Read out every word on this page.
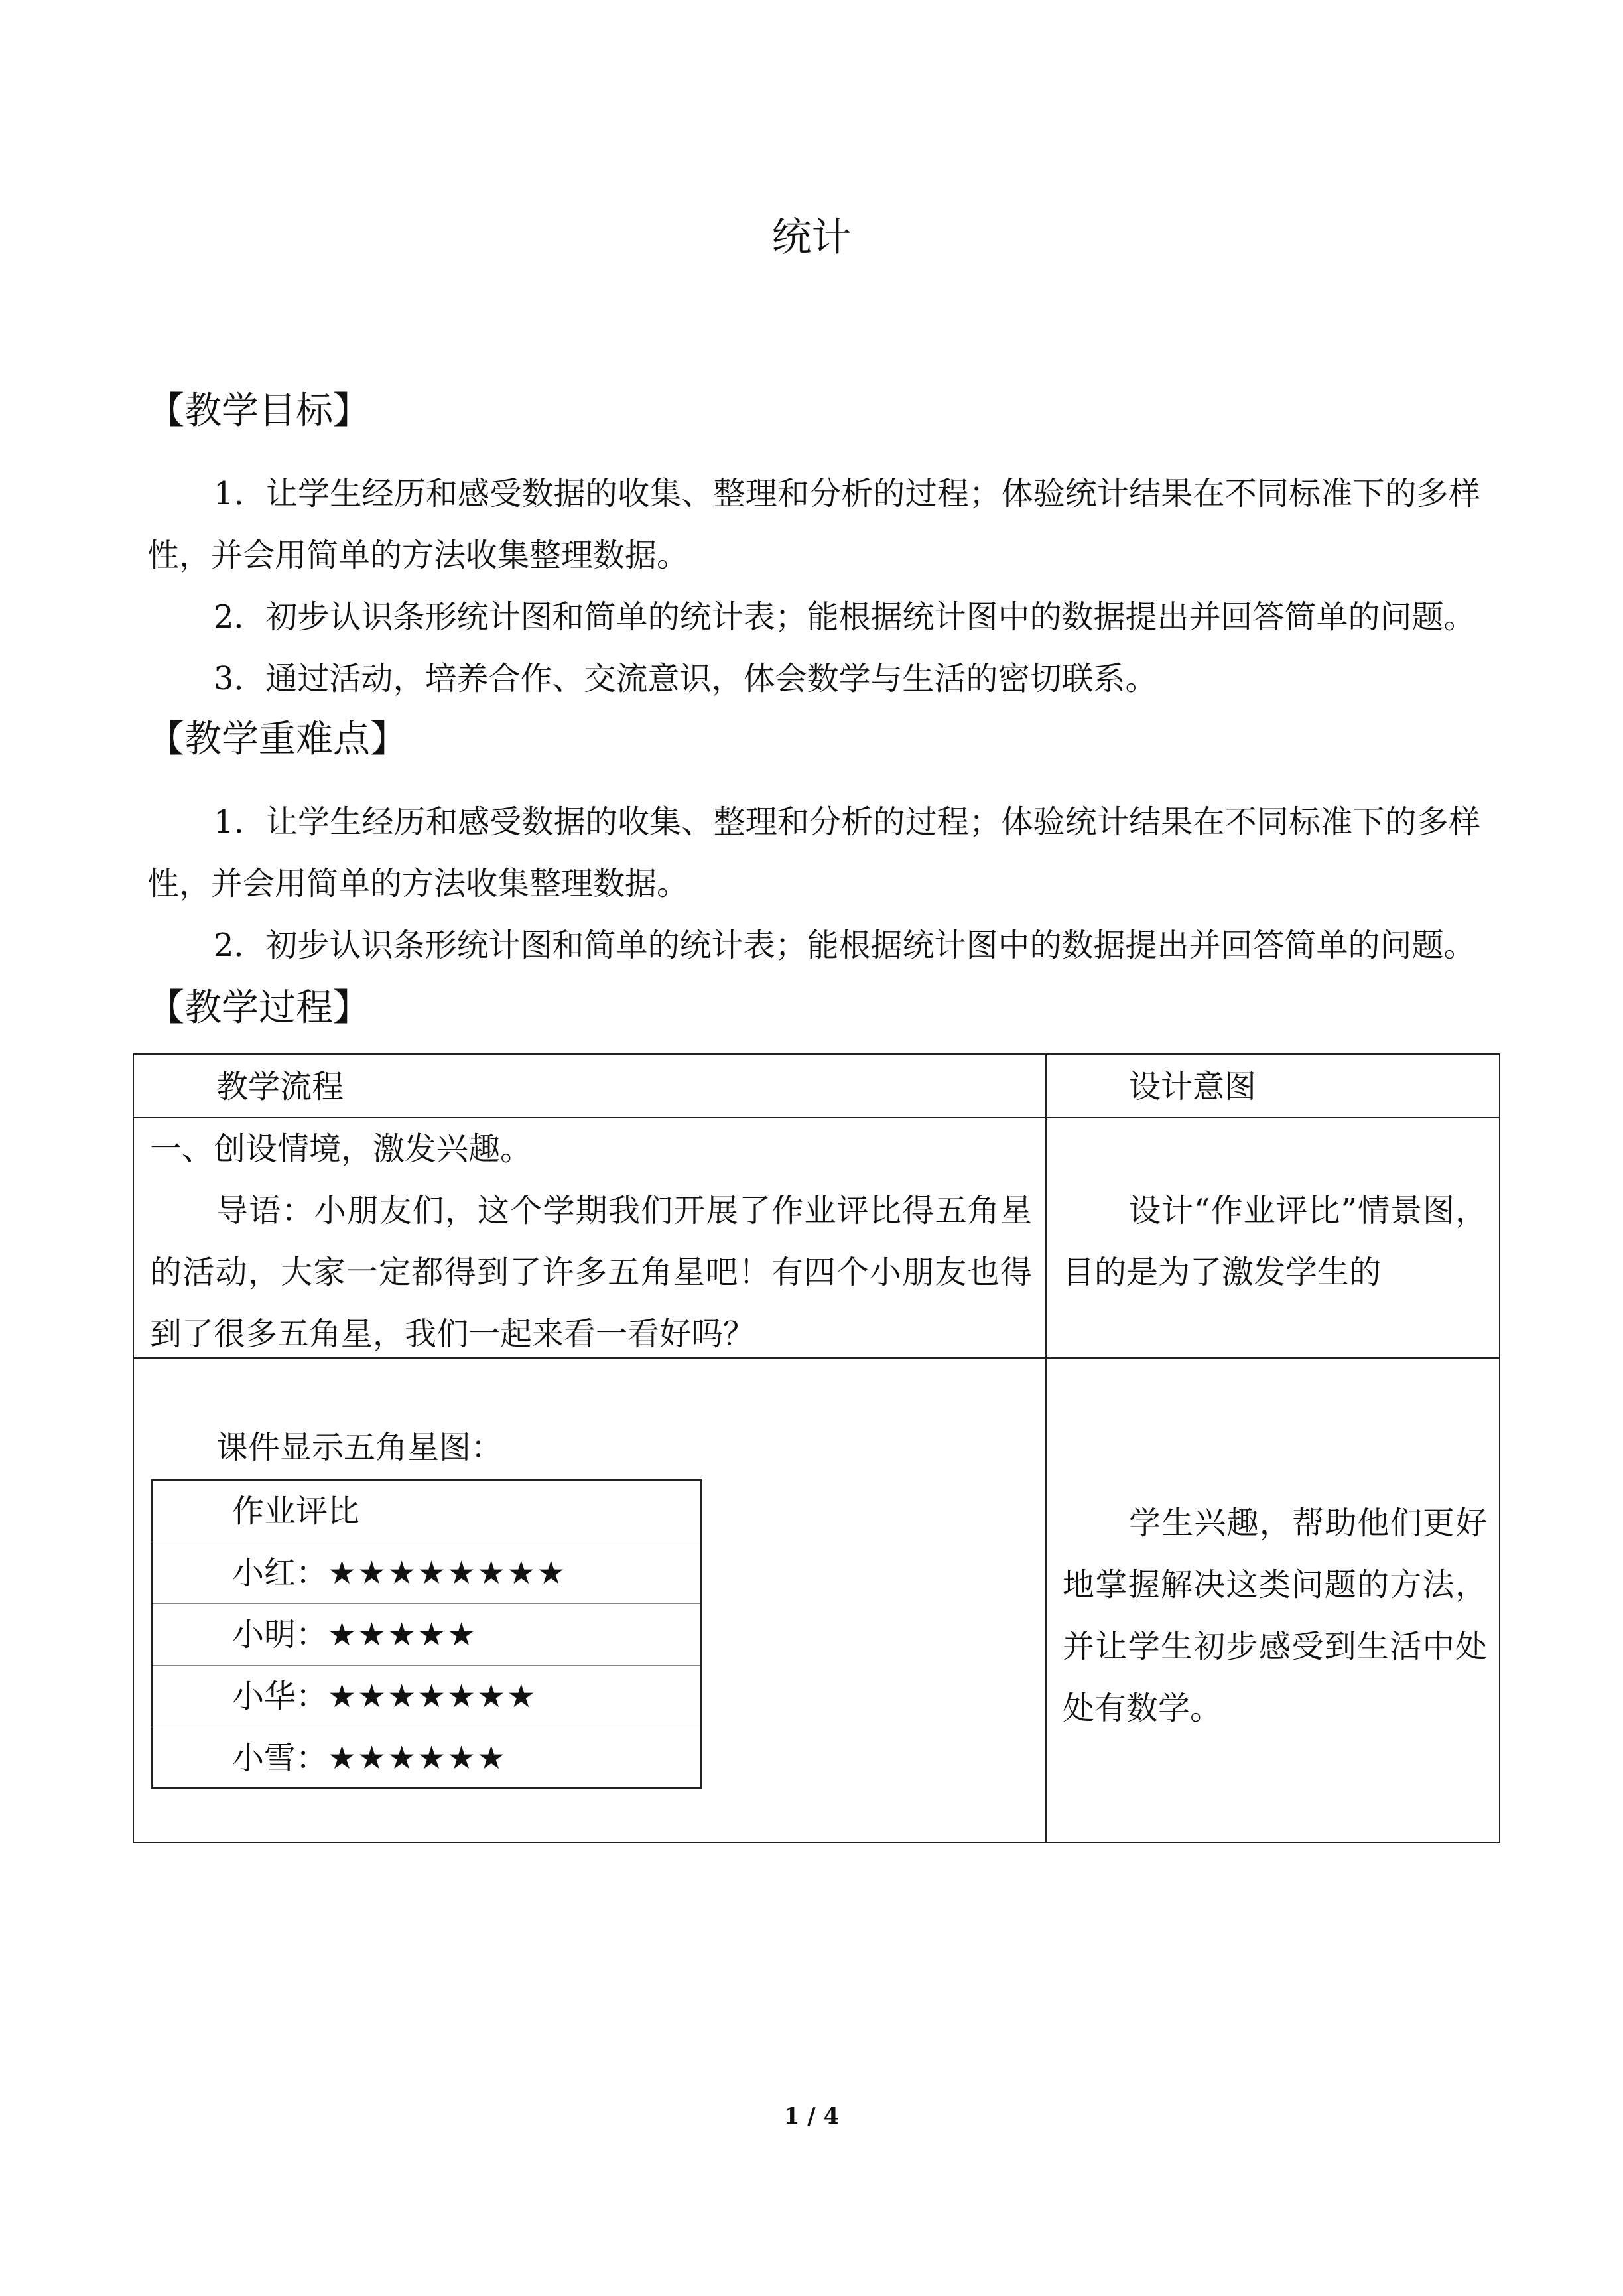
统计
【教学目标】
1．让学生经历和感受数据的收集、整理和分析的过程；体验统计结果在不同标准下的多样性，并会用简单的方法收集整理数据。
2．初步认识条形统计图和简单的统计表；能根据统计图中的数据提出并回答简单的问题。
3．通过活动，培养合作、交流意识，体会数学与生活的密切联系。
【教学重难点】
1．让学生经历和感受数据的收集、整理和分析的过程；体验统计结果在不同标准下的多样性，并会用简单的方法收集整理数据。
2．初步认识条形统计图和简单的统计表；能根据统计图中的数据提出并回答简单的问题。
【教学过程】
教学流程	设计意图
一、创设情境，激发兴趣。
导语：小朋友们，这个学期我们开展了作业评比得五角星的活动，大家一定都得到了许多五角星吧！有四个小朋友也得到了很多五角星，我们一起来看一看好吗？
设计“作业评比”情景图，目的是为了激发学生的
课件显示五角星图：
作业评比
小红：★★★★★★★★
小明：★★★★★
小华：★★★★★★★
小雪：★★★★★★
学生兴趣，帮助他们更好地掌握解决这类问题的方法，并让学生初步感受到生活中处处有数学。
1 / 4
